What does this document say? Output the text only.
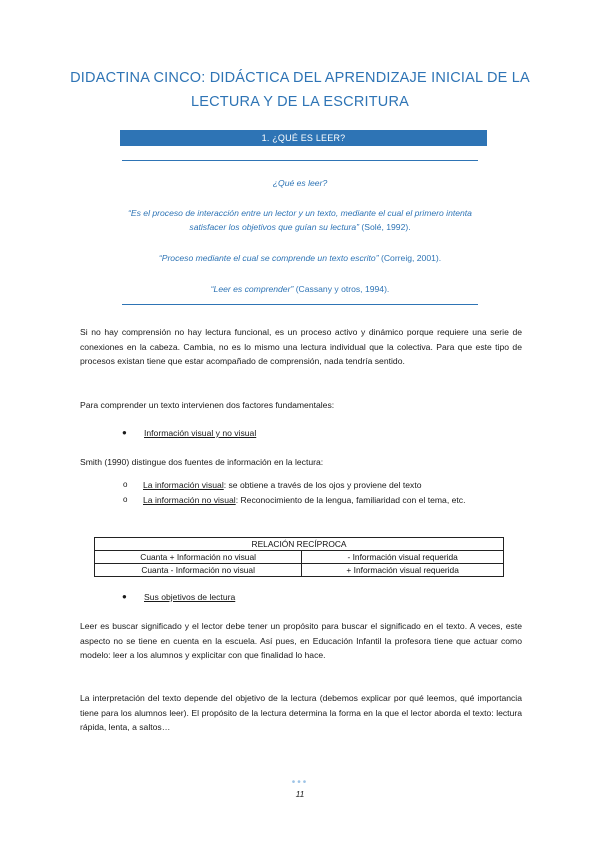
DIDACTINA CINCO: DIDÁCTICA DEL APRENDIZAJE INICIAL DE LA LECTURA Y DE LA ESCRITURA
1. ¿QUÉ ES LEER?
¿Qué es leer?
“Es el proceso de interacción entre un lector y un texto, mediante el cual el primero intenta satisfacer los objetivos que guían su lectura” (Solé, 1992).
“Proceso mediante el cual se comprende un texto escrito” (Correig, 2001).
“Leer es comprender” (Cassany y otros, 1994).
Si no hay comprensión no hay lectura funcional, es un proceso activo y dinámico porque requiere una serie de conexiones en la cabeza. Cambia, no es lo mismo una lectura individual que la colectiva. Para que este tipo de procesos existan tiene que estar acompañado de comprensión, nada tendría sentido.
Para comprender un texto intervienen dos factores fundamentales:
● Información visual y no visual
Smith (1990) distingue dos fuentes de información en la lectura:
o La información visual: se obtiene a través de los ojos y proviene del texto
o La información no visual: Reconocimiento de la lengua, familiaridad con el tema, etc.
RELACIÓN RECÍPROCA	
Cuanta + Información no visual	- Información visual requerida
Cuanta - Información no visual	+ Información visual requerida
● Sus objetivos de lectura
Leer es buscar significado y el lector debe tener un propósito para buscar el significado en el texto. A veces, este aspecto no se tiene en cuenta en la escuela. Así pues, en Educación Infantil la profesora tiene que actuar como modelo: leer a los alumnos y explicitar con que finalidad lo hace.
La interpretación del texto depende del objetivo de la lectura (debemos explicar por qué leemos, qué importancia tiene para los alumnos leer). El propósito de la lectura determina la forma en la que el lector aborda el texto: lectura rápida, lenta, a saltos…
•••
11
